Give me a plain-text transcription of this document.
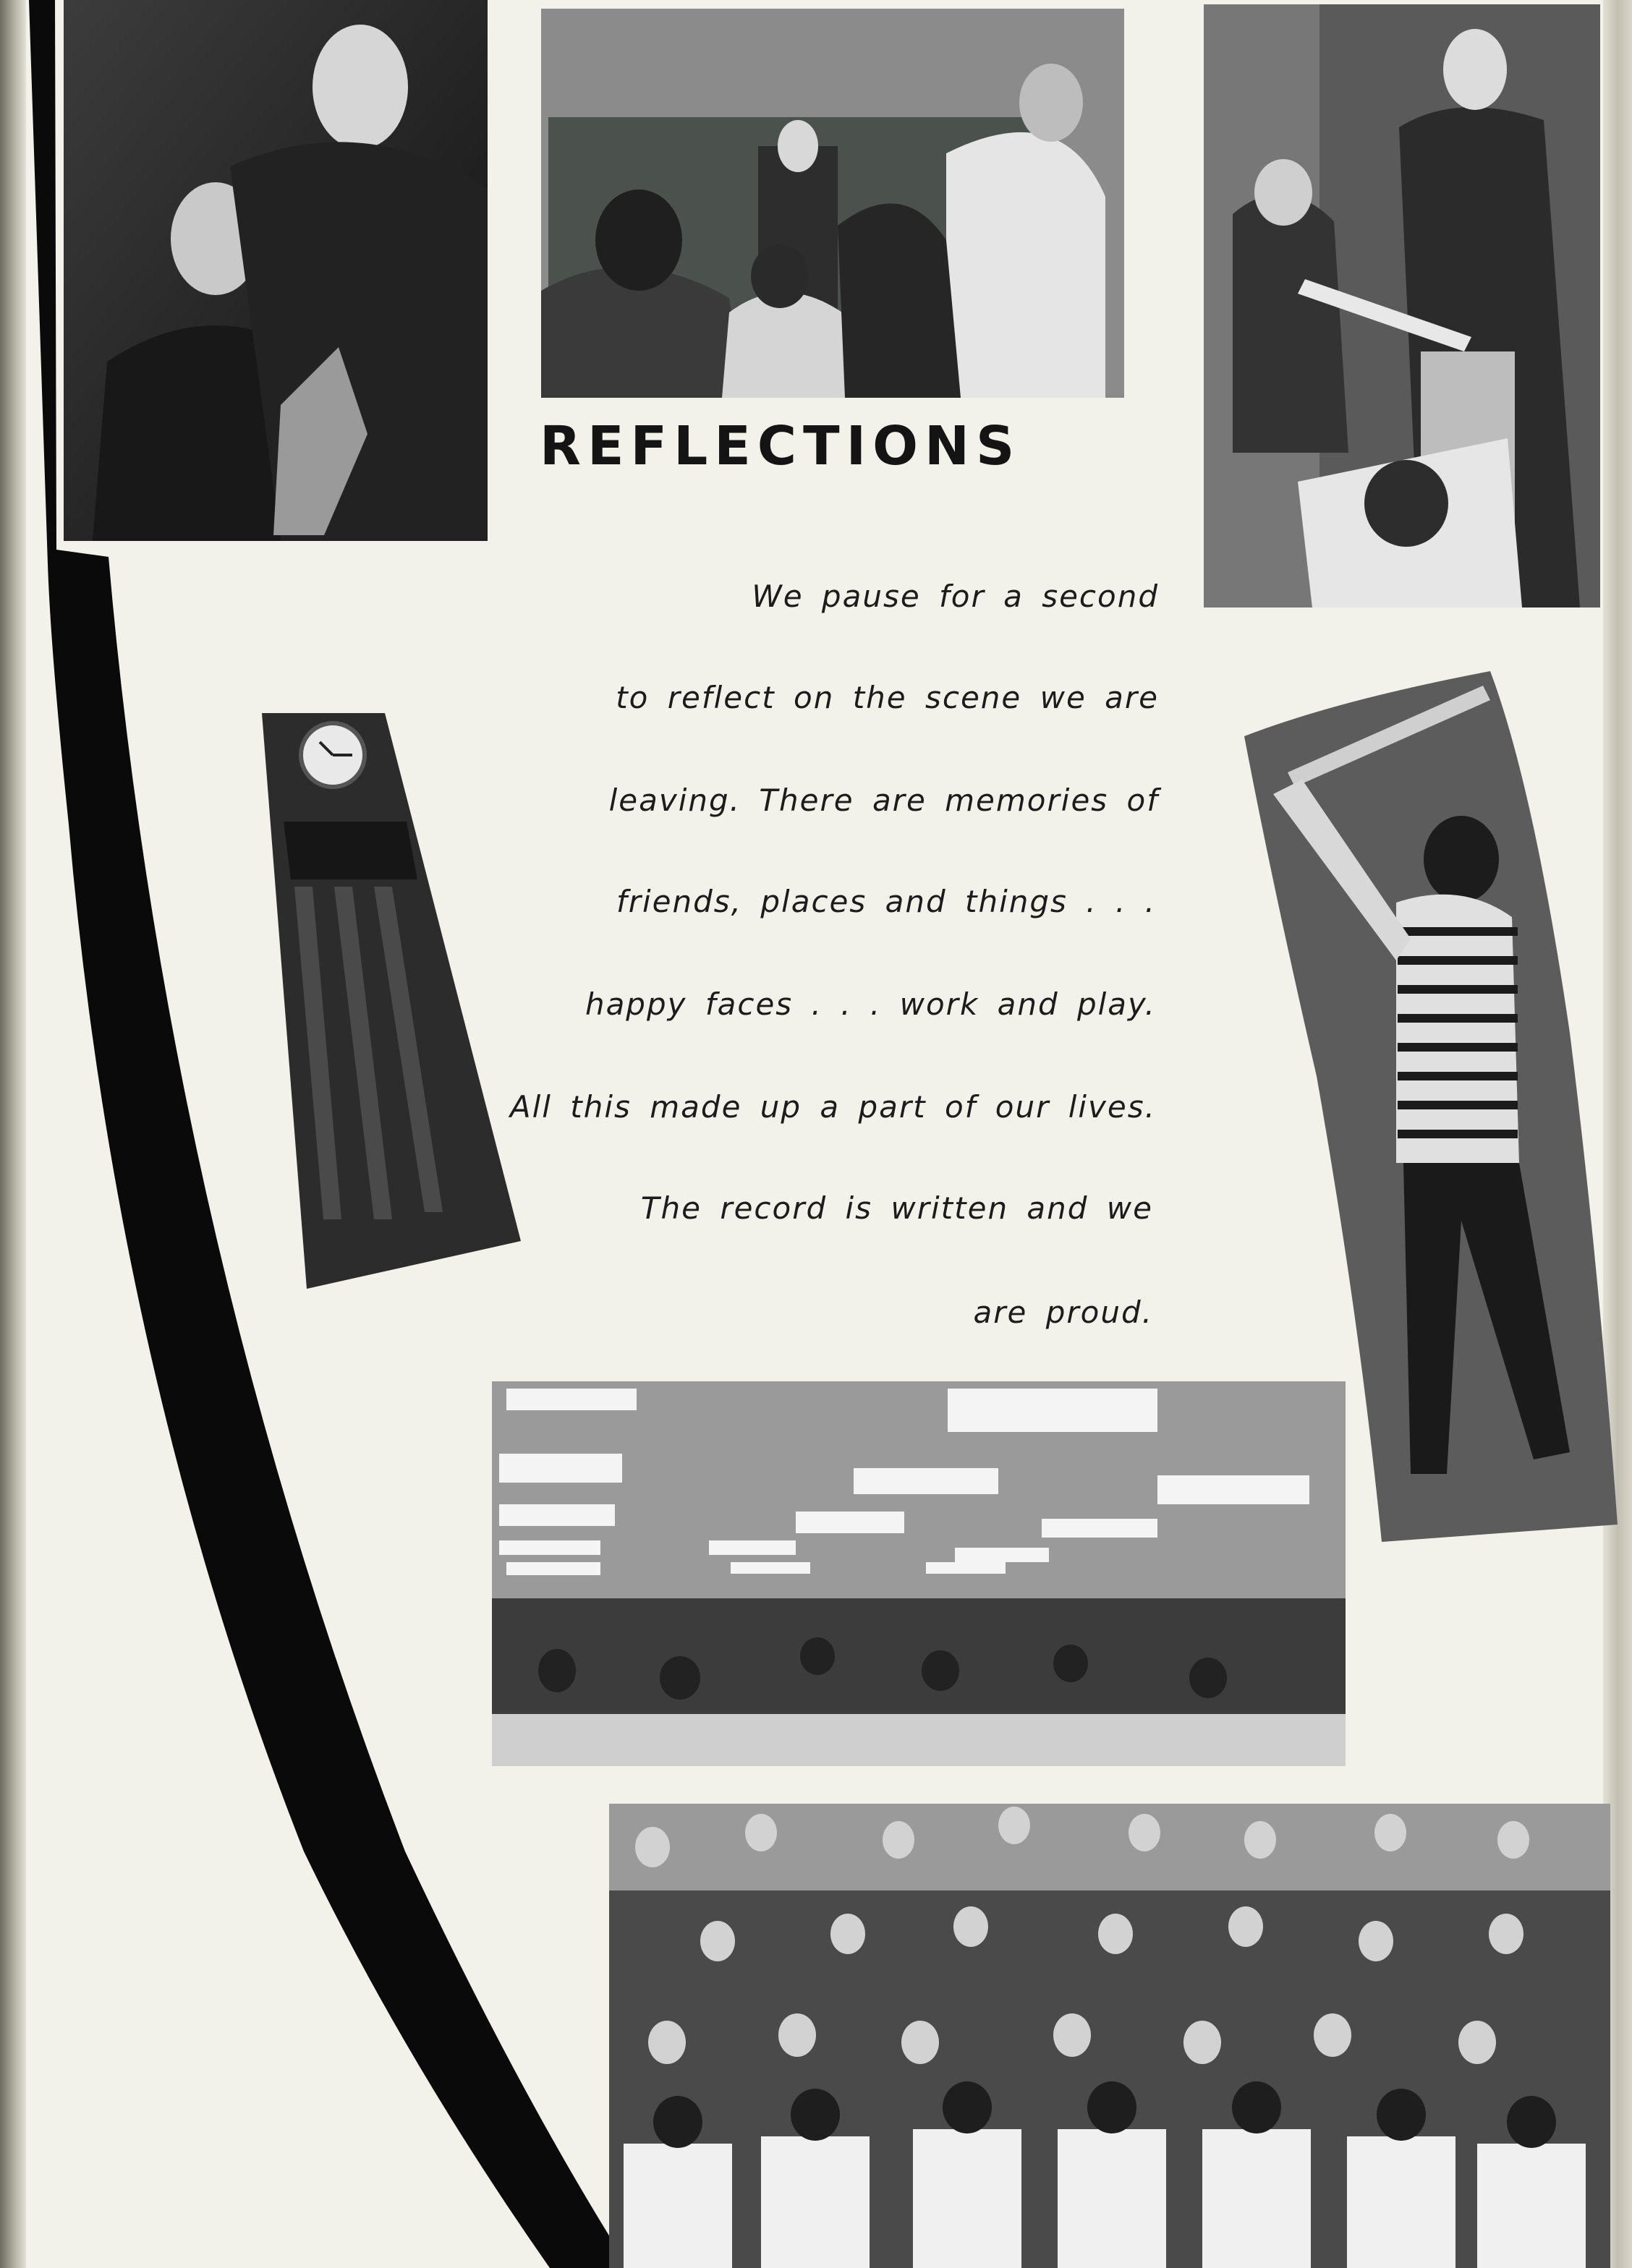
REFLECTIONS
We pause for a second
to reflect on the scene we are
leaving. There are memories of
friends, places and things . . .
happy faces . . . work and play.
All this made up a part of our lives.
The record is written and we
are proud.
